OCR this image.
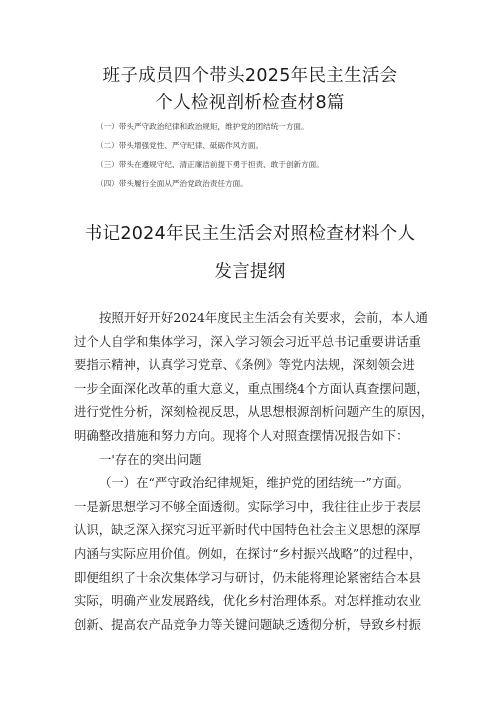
班子成员四个带头2025年民主生活会
个人检视剖析检查材8篇
（一）带头严守政治纪律和政治规矩，维护党的团结统一方面。
（二）带头增强党性、严守纪律、砥砺作风方面。
（三）带头在遵规守纪、清正廉洁前提下勇于担责、敢于创新方面。
（四）带头履行全面从严治党政治责任方面。
书记2024年民主生活会对照检查材料个人
发言提纲
按照开好开好2024年度民主生活会有关要求，会前，本人通
过个人自学和集体学习，深入学习领会习近平总书记重要讲话重
要指示精神，认真学习党章、《条例》等党内法规，深刻领会进
一步全面深化改革的重大意义，重点围绕4个方面认真查摆问题，
进行党性分析，深刻检视反思，从思想根源剖析问题产生的原因，
明确整改措施和努力方向。现将个人对照查摆情况报告如下：
一'存在的突出问题
（一）在“严守政治纪律规矩，维护党的团结统一”方面。
一是新思想学习不够全面透彻。实际学习中，我往往止步于表层
认识，缺乏深入探究习近平新时代中国特色社会主义思想的深厚
内涵与实际应用价值。例如，在探讨“乡村振兴战略”的过程中，
即便组织了十余次集体学习与研讨，仍未能将理论紧密结合本县
实际，明确产业发展路线，优化乡村治理体系。对怎样推动农业
创新、提高农产品竞争力等关键问题缺乏透彻分析，导致乡村振
